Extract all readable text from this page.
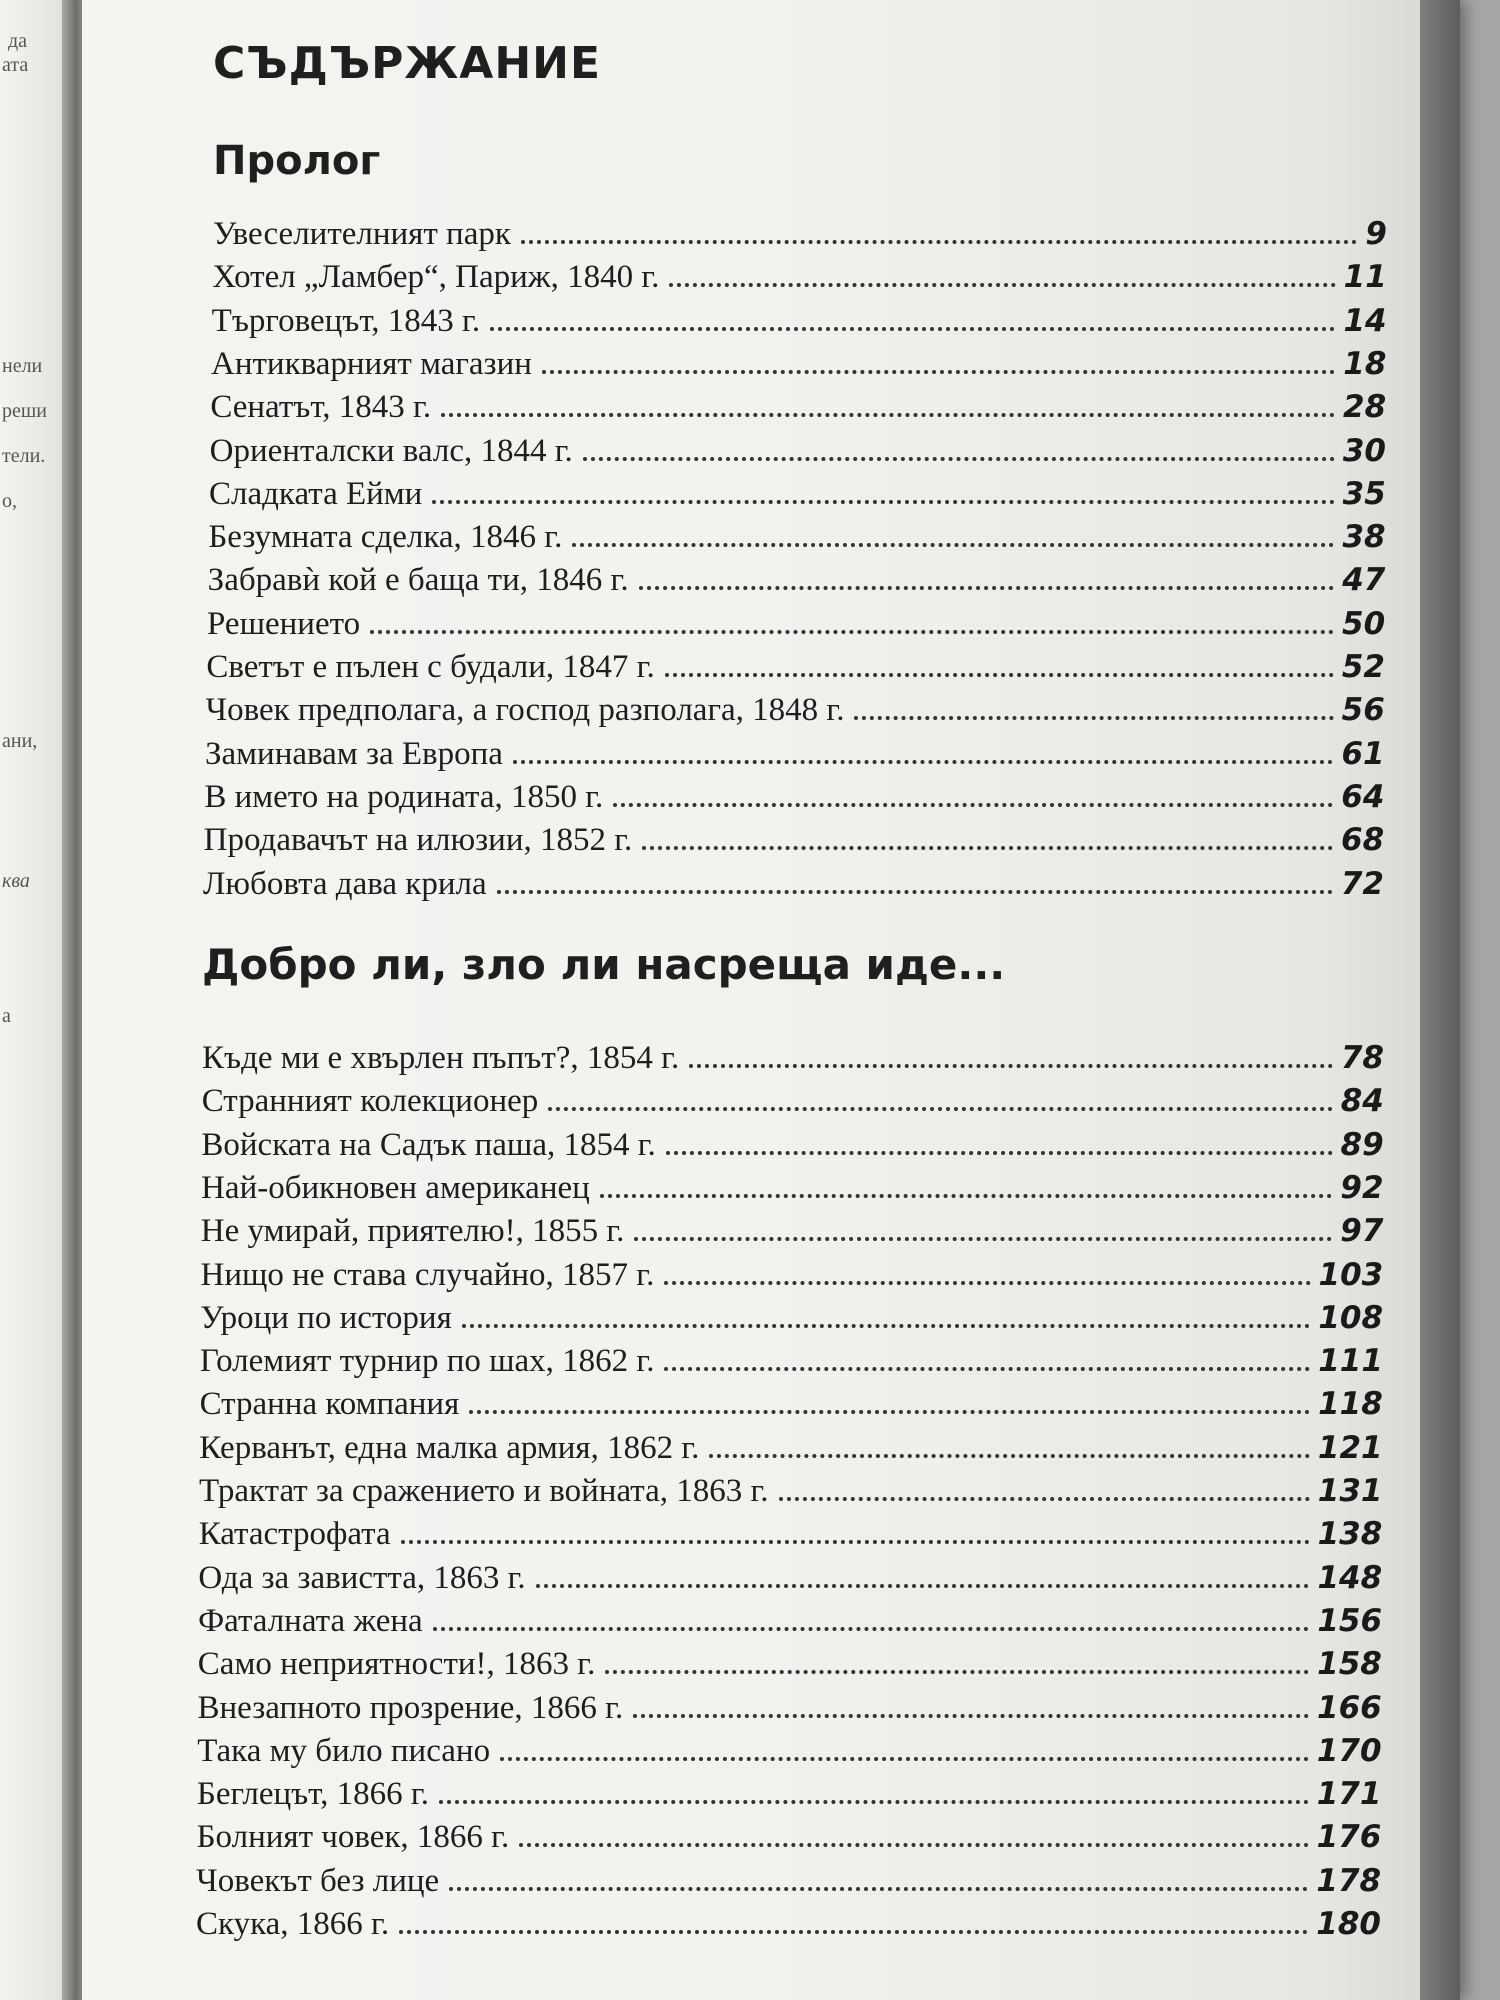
да
ата
нели
реши
тели.
о,
ани,
ква
а
СЪДЪРЖАНИЕ
Пролог
Добро ли, зло ли насреща иде...
Увеселителният парк	9
Хотел „Ламбер“, Париж, 1840 г.	11
Търговецът, 1843 г.	14
Антикварният магазин	18
Сенатът, 1843 г.	28
Ориенталски валс, 1844 г.	30
Сладката Ейми	35
Безумната сделка, 1846 г.	38
Забравѝ кой е баща ти, 1846 г.	47
Решението	50
Светът е пълен с будали, 1847 г.	52
Човек предполага, а господ разполага, 1848 г.	56
Заминавам за Европа	61
В името на родината, 1850 г.	64
Продавачът на илюзии, 1852 г.	68
Любовта дава крила	72
Къде ми е хвърлен пъпът?, 1854 г.	78
Странният колекционер	84
Войската на Садък паша, 1854 г.	89
Най-обикновен американец	92
Не умирай, приятелю!, 1855 г.	97
Нищо не става случайно, 1857 г.	103
Уроци по история	108
Големият турнир по шах, 1862 г.	111
Странна компания	118
Керванът, една малка армия, 1862 г.	121
Трактат за сражението и войната, 1863 г.	131
Катастрофата	138
Ода за завистта, 1863 г.	148
Фаталната жена	156
Само неприятности!, 1863 г.	158
Внезапното прозрение, 1866 г.	166
Така му било писано	170
Беглецът, 1866 г.	171
Болният човек, 1866 г.	176
Човекът без лице	178
Скука, 1866 г.	180
